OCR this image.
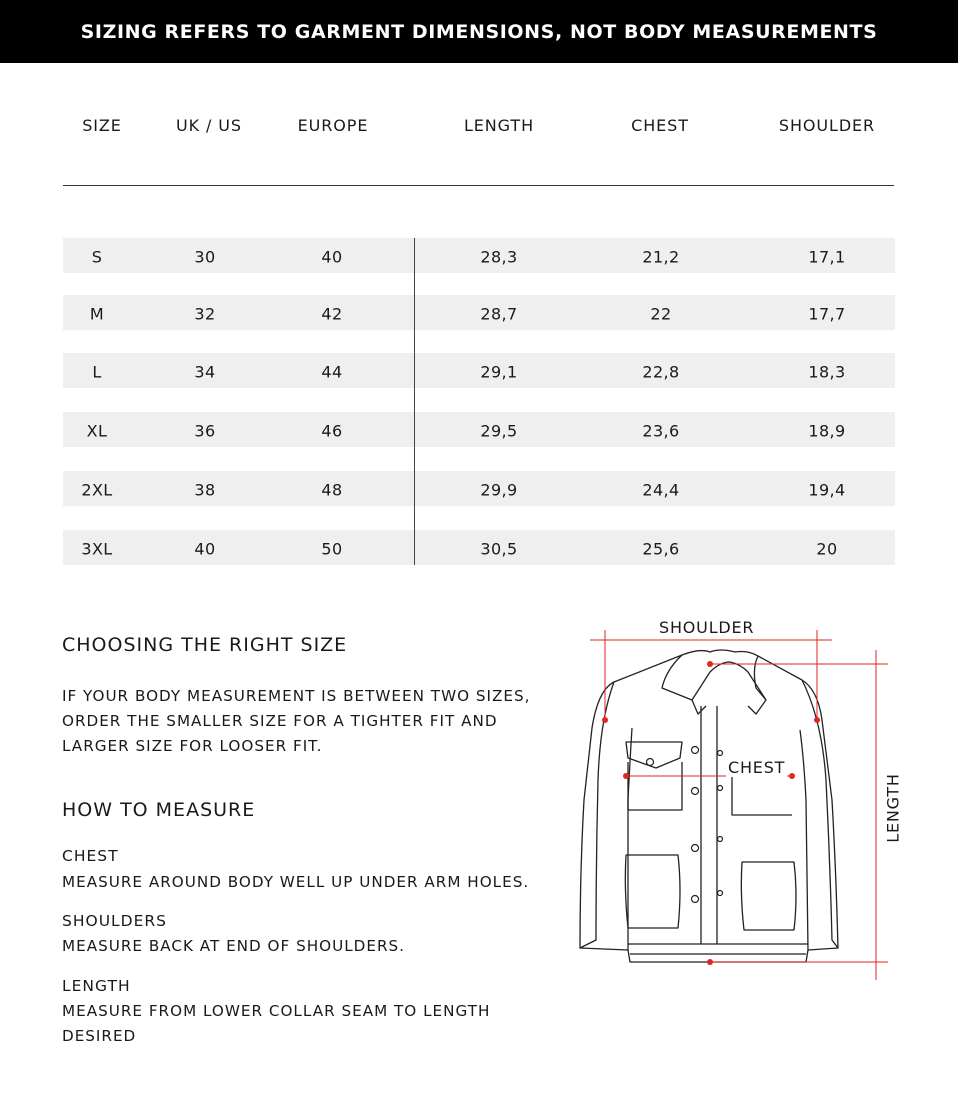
SIZING REFERS TO GARMENT DIMENSIONS, NOT BODY MEASUREMENTS
SIZE	UK / US	EUROPE	LENGTH	CHEST	SHOULDER
S	30	40	28,3	21,2	17,1
M	32	42	28,7	22	17,7
L	34	44	29,1	22,8	18,3
XL	36	46	29,5	23,6	18,9
2XL	38	48	29,9	24,4	19,4
3XL	40	50	30,5	25,6	20
CHOOSING THE RIGHT SIZE
IF YOUR BODY MEASUREMENT IS BETWEEN TWO SIZES,
ORDER THE SMALLER SIZE FOR A TIGHTER FIT AND
LARGER SIZE FOR LOOSER FIT.
HOW TO MEASURE
CHEST
MEASURE AROUND BODY WELL UP UNDER ARM HOLES.
SHOULDERS
MEASURE BACK AT END OF SHOULDERS.
LENGTH
MEASURE FROM LOWER COLLAR SEAM TO LENGTH
DESIRED
SHOULDER
CHEST
LENGTH
